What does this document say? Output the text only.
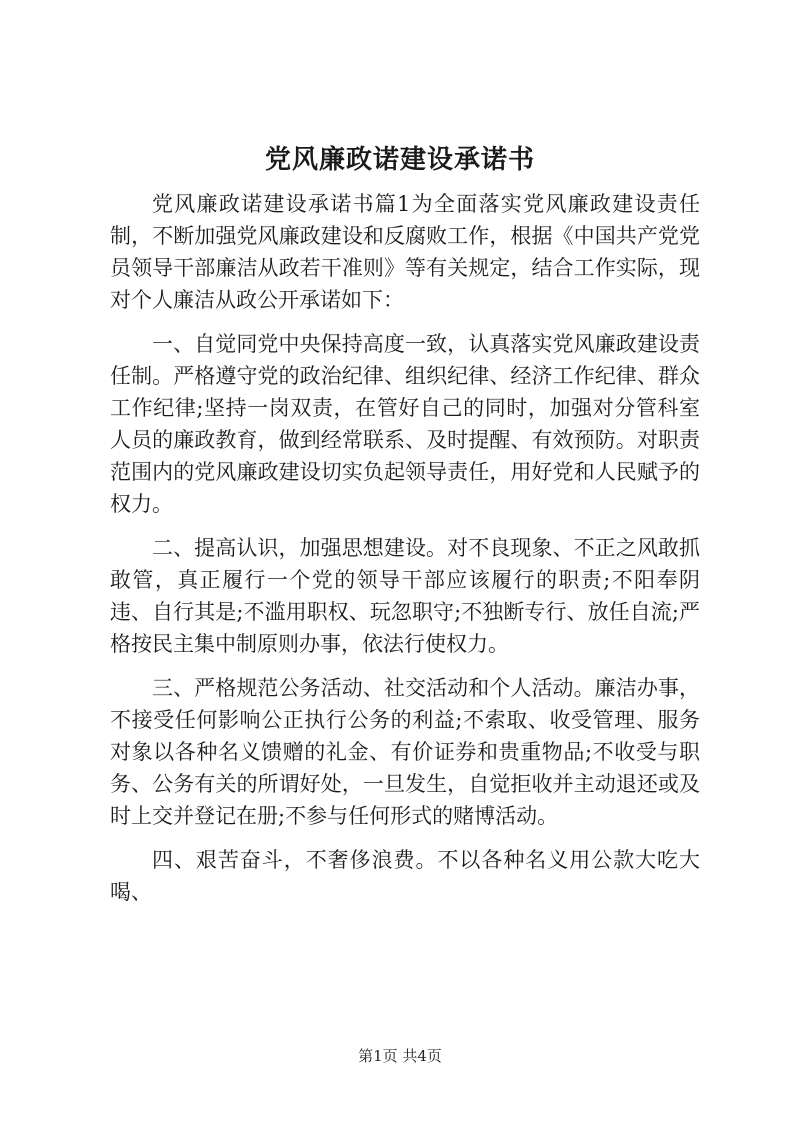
党风廉政诺建设承诺书

党风廉政诺建设承诺书篇1为全面落实党风廉政建设责任制，不断加强党风廉政建设和反腐败工作，根据《中国共产党党员领导干部廉洁从政若干准则》等有关规定，结合工作实际，现对个人廉洁从政公开承诺如下：

一、自觉同党中央保持高度一致，认真落实党风廉政建设责任制。严格遵守党的政治纪律、组织纪律、经济工作纪律、群众工作纪律;坚持一岗双责，在管好自己的同时，加强对分管科室人员的廉政教育，做到经常联系、及时提醒、有效预防。对职责范围内的党风廉政建设切实负起领导责任，用好党和人民赋予的权力。

二、提高认识，加强思想建设。对不良现象、不正之风敢抓敢管，真正履行一个党的领导干部应该履行的职责;不阳奉阴违、自行其是;不滥用职权、玩忽职守;不独断专行、放任自流;严格按民主集中制原则办事，依法行使权力。

三、严格规范公务活动、社交活动和个人活动。廉洁办事，不接受任何影响公正执行公务的利益;不索取、收受管理、服务对象以各种名义馈赠的礼金、有价证券和贵重物品;不收受与职务、公务有关的所谓好处，一旦发生，自觉拒收并主动退还或及时上交并登记在册;不参与任何形式的赌博活动。

四、艰苦奋斗，不奢侈浪费。不以各种名义用公款大吃大喝、

第1页 共4页
